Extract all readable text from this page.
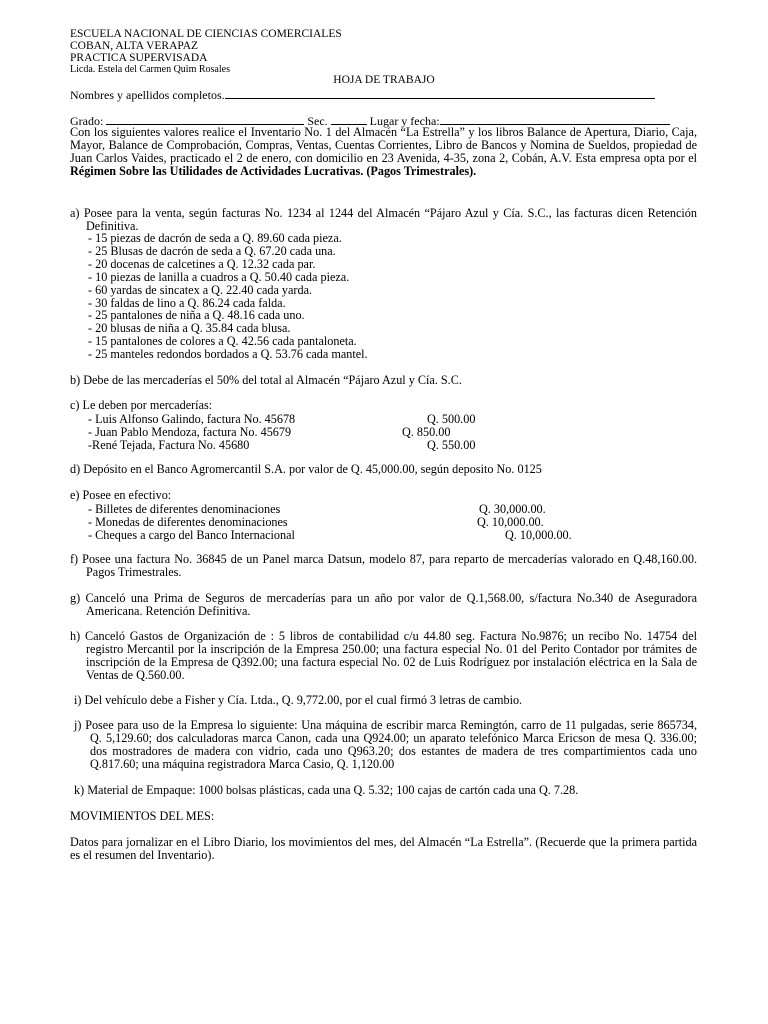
ESCUELA NACIONAL DE CIENCIAS COMERCIALES
COBAN, ALTA VERAPAZ
PRACTICA SUPERVISADA
Licda. Estela del Carmen Quim Rosales
HOJA DE TRABAJO
Nombres y apellidos completos.
Grado:	Sec.	Lugar y fecha:
Con los siguientes valores realice el Inventario No. 1 del Almacén “La Estrella” y los libros Balance de Apertura, Diario, Caja, Mayor, Balance de Comprobación, Compras, Ventas, Cuentas Corrientes, Libro de Bancos y Nomina de Sueldos, propiedad de Juan Carlos Vaides, practicado el 2 de enero, con domicilio en 23 Avenida, 4-35, zona 2, Cobán, A.V. Esta empresa opta por el Régimen Sobre las Utilidades de Actividades Lucrativas. (Pagos Trimestrales).
a) Posee para la venta, según facturas No. 1234 al 1244 del Almacén “Pájaro Azul y Cía. S.C., las facturas dicen Retención Definitiva.
- 15 piezas de dacrón de seda a Q. 89.60 cada pieza.
- 25 Blusas de dacrón de seda a Q. 67.20 cada una.
- 20 docenas de calcetines a Q. 12.32 cada par.
- 10 piezas de lanilla a cuadros a Q. 50.40 cada pieza.
- 60 yardas de sincatex a Q. 22.40 cada yarda.
- 30 faldas de lino a Q. 86.24 cada falda.
- 25 pantalones de niña a Q. 48.16 cada uno.
- 20 blusas de niña a Q. 35.84 cada blusa.
- 15 pantalones de colores a Q. 42.56 cada pantaloneta.
- 25 manteles redondos bordados a Q. 53.76 cada mantel.
b) Debe de las mercaderías el 50% del total al Almacén “Pájaro Azul y Cía. S.C.
c) Le deben por mercaderías:
- Luis Alfonso Galindo, factura No. 45678	Q. 500.00
- Juan Pablo Mendoza, factura No. 45679	Q. 850.00
-René Tejada, Factura No. 45680	Q. 550.00
d) Depósito en el Banco Agromercantil S.A. por valor de Q. 45,000.00, según deposito No. 0125
e) Posee en efectivo:
- Billetes de diferentes denominaciones	Q. 30,000.00.
- Monedas de diferentes denominaciones	Q. 10,000.00.
- Cheques a cargo del Banco Internacional	Q. 10,000.00.
f) Posee una factura No. 36845 de un Panel marca Datsun, modelo 87, para reparto de mercaderías valorado en Q.48,160.00. Pagos Trimestrales.
g) Canceló una Prima de Seguros de mercaderías para un año por valor de Q.1,568.00, s/factura No.340 de Aseguradora Americana. Retención Definitiva.
h) Canceló Gastos de Organización de : 5 libros de contabilidad c/u 44.80 seg. Factura No.9876; un recibo No. 14754 del registro Mercantil por la inscripción de la Empresa 250.00; una factura especial No. 01 del Perito Contador por trámites de inscripción de la Empresa de Q392.00; una factura especial No. 02 de Luis Rodríguez por instalación eléctrica en la Sala de Ventas de Q.560.00.
i) Del vehículo debe a Fisher y Cía. Ltda., Q. 9,772.00, por el cual firmó 3 letras de cambio.
j) Posee para uso de la Empresa lo siguiente: Una máquina de escribir marca Remingtón, carro de 11 pulgadas, serie 865734, Q. 5,129.60; dos calculadoras marca Canon, cada una Q924.00; un aparato telefónico Marca Ericson de mesa Q. 336.00; dos mostradores de madera con vidrio, cada uno Q963.20; dos estantes de madera de tres compartimientos cada uno Q.817.60; una máquina registradora Marca Casio, Q. 1,120.00
k) Material de Empaque: 1000 bolsas plásticas, cada una Q. 5.32; 100 cajas de cartón cada una Q. 7.28.
MOVIMIENTOS DEL MES:
Datos para jornalizar en el Libro Diario, los movimientos del mes, del Almacén “La Estrella”. (Recuerde que la primera partida es el resumen del Inventario).
